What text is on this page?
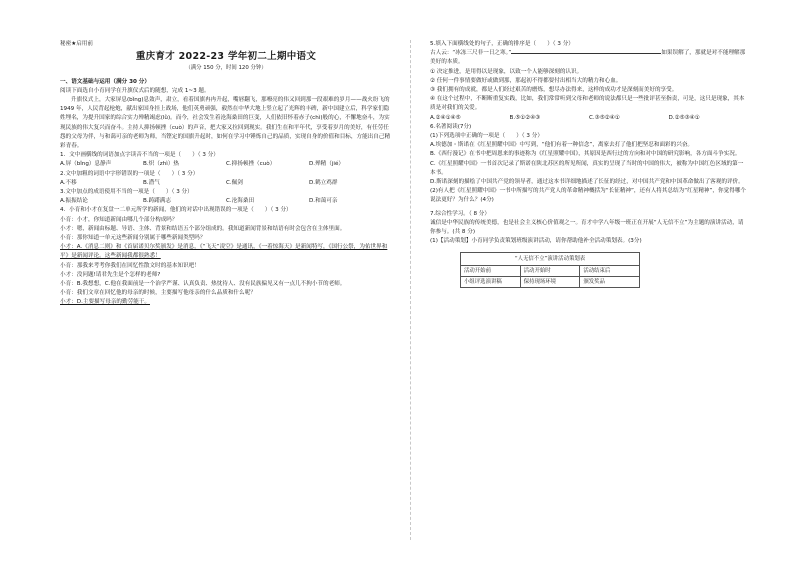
秘密★启用前

重庆育才 2022-23 学年初二上期中语文

（满分 150 分，时间 120 分钟）

一、语文基础与运用（满分 30 分）

阅读下面选自小育同学在升旗仪式后的随想，完成 1~3 题。

升旗仪式上，大家屏息(bǐng)息敛声，肃立，看着国旗冉冉升起，嘴唇翻飞，那嘹亮的伟又回到那一段艰难的岁月——战火纷飞的 1949 年，人民背起枪炮，献出家国身挂上战场，他们英勇顽强，毅然在中华大地上竖立起了光辉的丰碑，新中国建立后，科学家们隐姓埋名，为提升国家的综合实力殚精竭虑(lǜ)。而今，社会发生着沧海桑田的巨变，人们依旧怀着赤子(chì)般的心，不懈地奋斗，为实现民族的伟大复兴而奋斗。主持人抑扬顿挫（cuò）的声音，把大家又拉回到现实。我们生在和平年代，享受着岁月的美好，有任劳任怨的父母为伴，与和蔼可亲的老师为师，当铿定的国旗升起时，如何在学习中锤炼自己的品质，实现自身的价值和目标，方能出自己精彩青春。

1．文中画横线的词语加点字读音不当的一项是（　　）（ 3 分）

A.屏（bǐng）息静声	B.炽（zhì）热	C.抑扬顿挫（cuò）	D.殚精（jié）

2.文中加粗的词语中字形错误的一项是（　　）（ 3 分）

A.不移	B.潜气	C.佩剑	D.鹤立鸡群

3.文中加点的成语使用不当的一项是（　　）（ 3 分）

A.振振结论	B.踌躇满志	C.沧海桑田	D.和蔼可亲

4．小育和小才在复盘一二单元所学的新闻，他们的对话中出现错误的一项是（　　）（ 3 分）

小育：小才，你知道新闻由哪几个部分构成吗？

小才：嗯，新闻由标题、导语、主体、背景和结语五个部分组成的。我知道新闻背景和结语有时会包含在主体里面。

小育：那你知道一单元这些新闻分别属于哪些新闻类型吗？

小才：A.《消息二则》和《首届诺贝尔奖颁发》是消息，《“飞天”凌空》是通讯，《一着惊海天》是新闻特写，《国行公祭，为佑世界和平》是新闻评论。这些新闻我都很熟悉！

小育：那我来考考你我们在回忆性散文时的基本知识吧！

小才：没问题!请君先生是个怎样的老师?

小育：B.我想想，C.他在我面前是一个治学严谨、认真负责、热忱待人、没有民族偏见又有一点儿不拘小节的老师。

小育：我们文章在回忆他的母亲的时候，主要描写他母亲的什么品质和什么呢？

小才：D.主要描写母亲的勤劳能干。

5.填入下面横线处的句子，正确的排序是（　　）（ 3 分）

古人云：“冰冻三尺非一日之寒。”	如果误解了，那就是对不能理解那美好的本质。

① 决定推进，是用得以是现象，以致一个人能够深刻的认识。

② 任何一件事情要做好或做到那，那起初不得都要付出相当大的精力和心血。

③ 我们拥有的成就，都是人们经过艰苦的磨炼，想尽办法得来，这样的成功才是深刻而美好的享受。

④ 在这个过程中，不断断重复实践，比如，我们常常听到父母和老师的说法都只是一些批评甚至指责，可是，这只是现象，其本质是对我们的关爱。

A.②④①④⑤	B.⑤①②④③	C.③⑤②④①	D.②⑤③④①

6.名著阅读(7分)

(1)下列选项中正确的一项是（　　）（ 3 分）

A.埃德加・斯诺在《红星照耀中国》中写到，“他们有着一种信念”，离家去打了他们把坚忍和面彩的兴奋。

B.《西行漫记》在书中把周恩来的事迹称为《红星照耀中国》，其原因是西行过的方向和对中国的研究影响，各方面斗争实况。

C.《红星照耀中国》一书首次记录了斯诺在陕北苏区的所见所闻，真实的呈现了当时的中国的伟大，被称为中国红色区域的第一本书。

D.斯诺深刻的描绘了中国共产党的领导者，通过这本书详细地描述了长征的经过，对中国共产党和中国革命做出了客观的评价。

(2)有人把《红星照耀中国》一书中所描写的共产党人的革命精神概括为“长征精神”，还有人将其总结为“红星精神”，你觉得哪个说法更好？为什么？(4分)

7.综合性学习。（ 8 分）

诚信是中华民族的传统美德，也是社会主义核心价值观之一。育才中学八年级一班正在开展“人无信不立”为主题的演讲活动，请你参与。(共 8 分)

(1)【活动策划】小育同学负责策划班级演讲活动，请你帮助他补全活动策划表。(3分)

“人无信不立”演讲活动策划表
活动开始前	活动开始时	活动结束后
小组评选演讲稿	保持现场环境	颁发奖品
